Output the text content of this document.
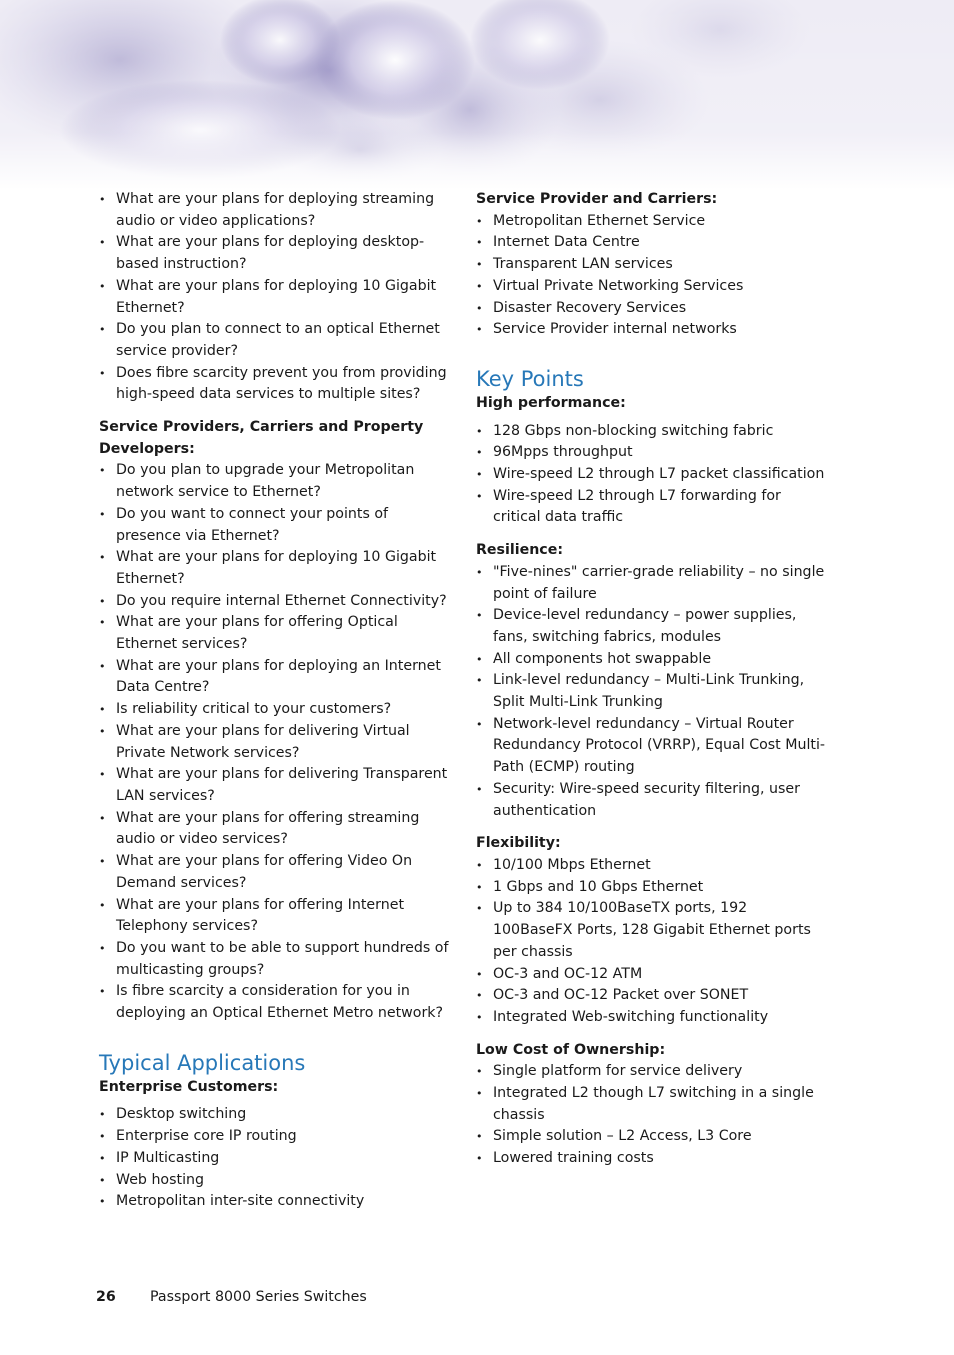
• What are your plans for deploying streaming audio or video applications?
• What are your plans for deploying desktop-based instruction?
• What are your plans for deploying 10 Gigabit Ethernet?
• Do you plan to connect to an optical Ethernet service provider?
• Does fibre scarcity prevent you from providing high-speed data services to multiple sites?

Service Providers, Carriers and Property Developers:

• Do you plan to upgrade your Metropolitan network service to Ethernet?
• Do you want to connect your points of presence via Ethernet?
• What are your plans for deploying 10 Gigabit Ethernet?
• Do you require internal Ethernet Connectivity?
• What are your plans for offering Optical Ethernet services?
• What are your plans for deploying an Internet Data Centre?
• Is reliability critical to your customers?
• What are your plans for delivering Virtual Private Network services?
• What are your plans for delivering Transparent LAN services?
• What are your plans for offering streaming audio or video services?
• What are your plans for offering Video On Demand services?
• What are your plans for offering Internet Telephony services?
• Do you want to be able to support hundreds of multicasting groups?
• Is fibre scarcity a consideration for you in deploying an Optical Ethernet Metro network?
Typical Applications

Enterprise Customers:

• Desktop switching
• Enterprise core IP routing
• IP Multicasting
• Web hosting
• Metropolitan inter-site connectivity

Service Provider and Carriers:

• Metropolitan Ethernet Service
• Internet Data Centre
• Transparent LAN services
• Virtual Private Networking Services
• Disaster Recovery Services
• Service Provider internal networks
Key Points

High performance:

• 128 Gbps non-blocking switching fabric
• 96Mpps throughput
• Wire-speed L2 through L7 packet classification
• Wire-speed L2 through L7 forwarding for critical data traffic

Resilience:

• "Five-nines" carrier-grade reliability – no single point of failure
• Device-level redundancy – power supplies, fans, switching fabrics, modules
• All components hot swappable
• Link-level redundancy – Multi-Link Trunking, Split Multi-Link Trunking
• Network-level redundancy – Virtual Router Redundancy Protocol (VRRP), Equal Cost Multi-Path (ECMP) routing
• Security: Wire-speed security filtering, user authentication

Flexibility:

• 10/100 Mbps Ethernet
• 1 Gbps and 10 Gbps Ethernet
• Up to 384 10/100BaseTX ports, 192 100BaseFX Ports, 128 Gigabit Ethernet ports per chassis
• OC-3 and OC-12 ATM
• OC-3 and OC-12 Packet over SONET
• Integrated Web-switching functionality

Low Cost of Ownership:

• Single platform for service delivery
• Integrated L2 though L7 switching in a single chassis
• Simple solution – L2 Access, L3 Core
• Lowered training costs
26 Passport 8000 Series Switches
